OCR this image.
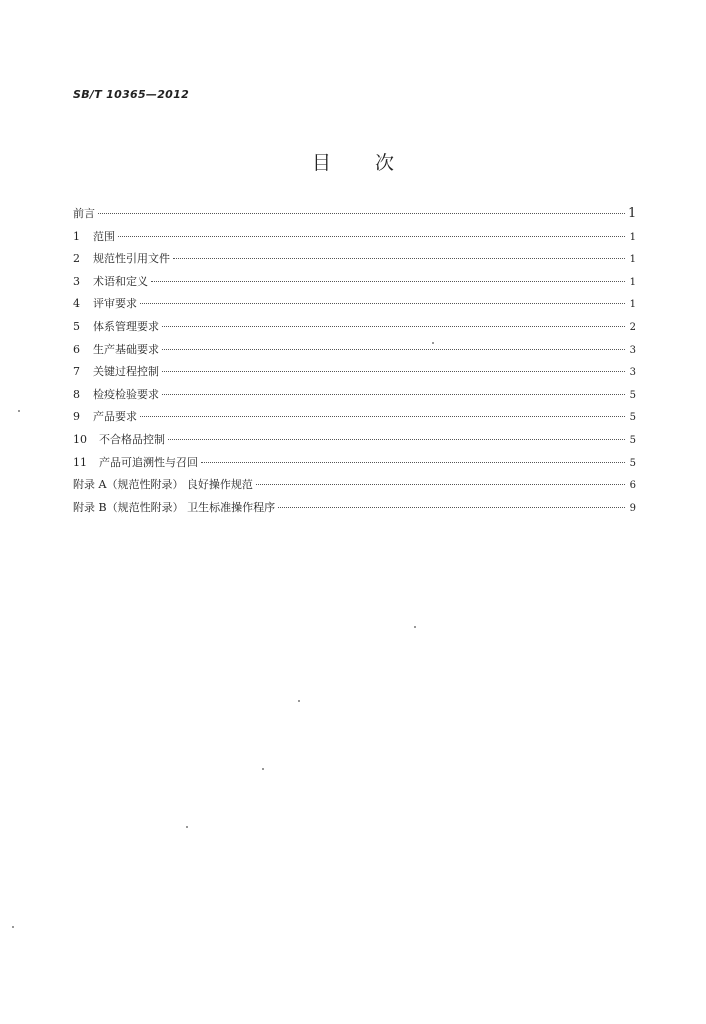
SB/T 10365—2012
目 次
前言	1
1	范围	1
2	规范性引用文件	1
3	术语和定义	1
4	评审要求	1
5	体系管理要求	2
6	生产基础要求	3
7	关键过程控制	3
8	检疫检验要求	5
9	产品要求	5
10	不合格品控制	5
11	产品可追溯性与召回	5
附录 A（规范性附录） 良好操作规范	6
附录 B（规范性附录） 卫生标准操作程序	9
